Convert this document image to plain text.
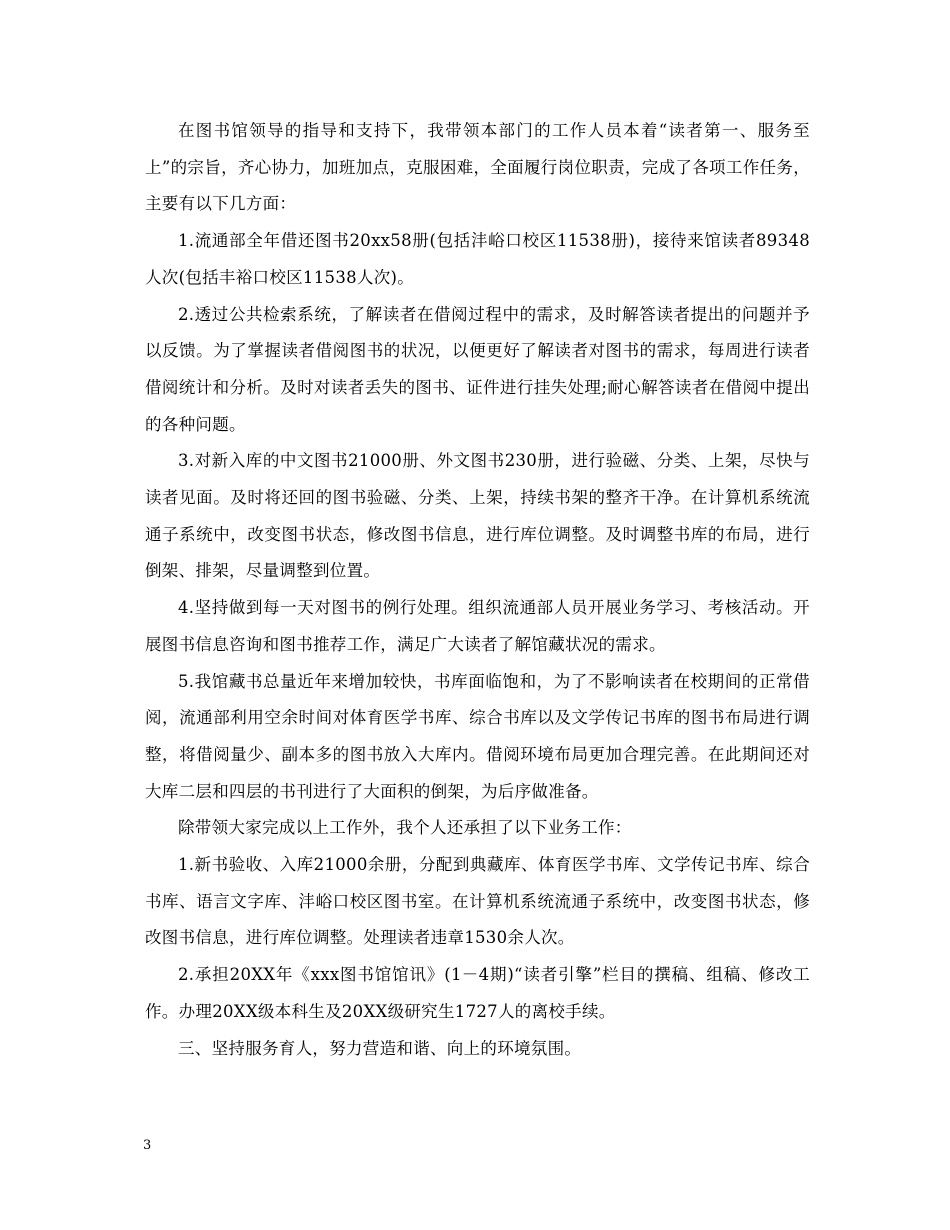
在图书馆领导的指导和支持下，我带领本部门的工作人员本着“读者第一、服务至上”的宗旨，齐心协力，加班加点，克服困难，全面履行岗位职责，完成了各项工作任务，主要有以下几方面：

1.流通部全年借还图书20xx58册(包括沣峪口校区11538册)，接待来馆读者89348人次(包括丰裕口校区11538人次)。

2.透过公共检索系统，了解读者在借阅过程中的需求，及时解答读者提出的问题并予以反馈。为了掌握读者借阅图书的状况，以便更好了解读者对图书的需求，每周进行读者借阅统计和分析。及时对读者丢失的图书、证件进行挂失处理;耐心解答读者在借阅中提出的各种问题。

3.对新入库的中文图书21000册、外文图书230册，进行验磁、分类、上架，尽快与读者见面。及时将还回的图书验磁、分类、上架，持续书架的整齐干净。在计算机系统流通子系统中，改变图书状态，修改图书信息，进行库位调整。及时调整书库的布局，进行倒架、排架，尽量调整到位置。

4.坚持做到每一天对图书的例行处理。组织流通部人员开展业务学习、考核活动。开展图书信息咨询和图书推荐工作，满足广大读者了解馆藏状况的需求。

5.我馆藏书总量近年来增加较快，书库面临饱和，为了不影响读者在校期间的正常借阅，流通部利用空余时间对体育医学书库、综合书库以及文学传记书库的图书布局进行调整，将借阅量少、副本多的图书放入大库内。借阅环境布局更加合理完善。在此期间还对大库二层和四层的书刊进行了大面积的倒架，为后序做准备。

除带领大家完成以上工作外，我个人还承担了以下业务工作：

1.新书验收、入库21000余册，分配到典藏库、体育医学书库、文学传记书库、综合书库、语言文字库、沣峪口校区图书室。在计算机系统流通子系统中，改变图书状态，修改图书信息，进行库位调整。处理读者违章1530余人次。

2.承担20XX年《xxx图书馆馆讯》(1－4期)“读者引擎”栏目的撰稿、组稿、修改工作。办理20XX级本科生及20XX级研究生1727人的离校手续。

三、坚持服务育人，努力营造和谐、向上的环境氛围。

3
